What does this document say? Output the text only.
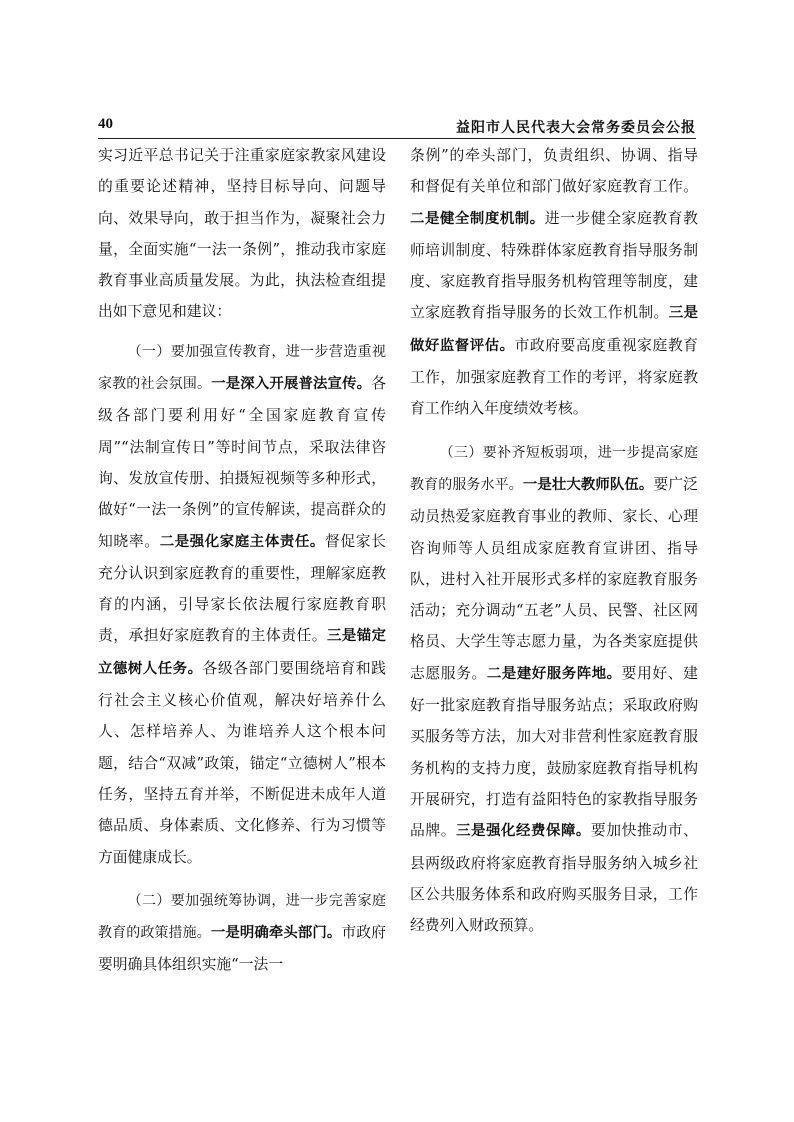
40	益阳市人民代表大会常务委员会公报

实习近平总书记关于注重家庭家教家风建设的重要论述精神，坚持目标导向、问题导向、效果导向，敢于担当作为，凝聚社会力量，全面实施“一法一条例”，推动我市家庭教育事业高质量发展。为此，执法检查组提出如下意见和建议：

（一）要加强宣传教育，进一步营造重视家教的社会氛围。一是深入开展普法宣传。各级各部门要利用好“全国家庭教育宣传周”“法制宣传日”等时间节点，采取法律咨询、发放宣传册、拍摄短视频等多种形式，做好“一法一条例”的宣传解读，提高群众的知晓率。二是强化家庭主体责任。督促家长充分认识到家庭教育的重要性，理解家庭教育的内涵，引导家长依法履行家庭教育职责，承担好家庭教育的主体责任。三是锚定立德树人任务。各级各部门要围绕培育和践行社会主义核心价值观，解决好培养什么人、怎样培养人、为谁培养人这个根本问题，结合“双减”政策，锚定“立德树人”根本任务，坚持五育并举，不断促进未成年人道德品质、身体素质、文化修养、行为习惯等方面健康成长。

（二）要加强统筹协调，进一步完善家庭教育的政策措施。一是明确牵头部门。市政府要明确具体组织实施“一法一

条例”的牵头部门，负责组织、协调、指导和督促有关单位和部门做好家庭教育工作。二是健全制度机制。进一步健全家庭教育教师培训制度、特殊群体家庭教育指导服务制度、家庭教育指导服务机构管理等制度，建立家庭教育指导服务的长效工作机制。三是做好监督评估。市政府要高度重视家庭教育工作，加强家庭教育工作的考评，将家庭教育工作纳入年度绩效考核。

（三）要补齐短板弱项，进一步提高家庭教育的服务水平。一是壮大教师队伍。要广泛动员热爱家庭教育事业的教师、家长、心理咨询师等人员组成家庭教育宣讲团、指导队，进村入社开展形式多样的家庭教育服务活动；充分调动“五老”人员、民警、社区网格员、大学生等志愿力量，为各类家庭提供志愿服务。二是建好服务阵地。要用好、建好一批家庭教育指导服务站点；采取政府购买服务等方法，加大对非营利性家庭教育服务机构的支持力度，鼓励家庭教育指导机构开展研究，打造有益阳特色的家教指导服务品牌。三是强化经费保障。要加快推动市、县两级政府将家庭教育指导服务纳入城乡社区公共服务体系和政府购买服务目录，工作经费列入财政预算。
